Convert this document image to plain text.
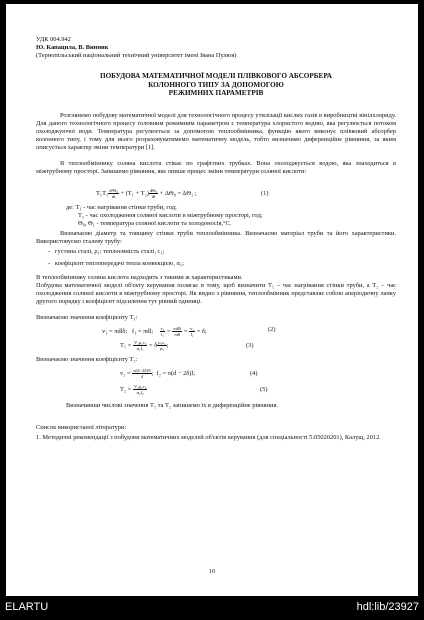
УДК 004.942

Ю. Капацила, В. Винник

(Тернопільський національний технічний університет імені Івана Пулюя)

ПОБУДОВА МАТЕМАТИЧНОЇ МОДЕЛІ ПЛІВКОВОГО АБСОРБЕРА

КОЛОННОГО ТИПУ ЗА ДОПОМОГОЮ

РЕЖИМНИХ ПАРАМЕТРІВ

Розглянемо побудову математичної моделі для технологічного процесу утилізації кислих газів в виробництві вінілхлориду. Для даного технологічного процесу головним режимним параметром є температура хлористого водню, яка регулюється потоком охолоджуючої води. Температура регулюється за допомогою теплообмінника, функцію якого виконує плівковий абсорбер колонного типу, і тому для нього розраховуватимемо математичну модель, тобто визначимо диференційне рівняння, за яким описується характер зміни температури [1].

В теплообміннику соляна кислота стікає по графітних трубках. Вона охолоджується водою, яка знаходиться в міжтрубному просторі. Запишемо рівняння, яке опише процес зміни температури соляної кислоти:

$T_1T_2 \frac{\text{d²Θ₀}}{dt} + (T_1 + T_2) \frac{\text{dΘ₀}}{dt} + \Delta\Theta_0 = \Delta\Theta_1$ ;	(1)

де: T₁ - час нагрівання стінки труби, год;

T₂ - час охолодження соляної кислоти в міжтрубному просторі, год;

Θ₀, Θ₁ - температура соляної кислоти та холодоносія,°С.

Визначаємо діаметр та товщину стінки труби теплообмінника. Визначаємо матеріал труби та його характеристики. Використовуємо сталеву трубу:

-   густина сталі, ρ₁; теплоємність сталі, с₁;
-   коефіцієнт теплопередачі тепла конвекцією, α₁;

В теплообміннику соляна кислота надходить з такими ж характеристиками.

Побудова математичної моделі об'єкту керування полягає в тому, щоб визначити T₁ – час нагрівання стінки труби, а T₂ – час охолодження соляної кислоти в міжтрубному просторі. Як видно з рівняння, теплообмінник представляє собою аперіодичну ланку другого порядку і коефіцієнт підсилення тут рівний одиниці.

Визначаємо значення коефіцієнту T₁:

v₁ = πdlδ;   f₁ = πdl; $\frac{\text{v₁}}{\text{f₁}} = \frac{\text{πdlδ}}{\text{πdl}} = \frac{\text{v₁}}{\text{f₁}} = \delta$;	(2)
$T_1 = \frac{\text{V₁ρ₁c₁}}{\text{α₁f₁}} = \delta \frac{\text{ρ₁c₁}}{\text{α₁}}$ ;	(3)

Визначаємо значення коефіцієнту T₂:

$v_2 = \frac{\text{π(d−2δ)²l}}{4}$ ;  f₂ = π(d − 2δ)l;	(4)
$T_2 = \frac{\text{V₂ρ₂c₂}}{\text{α₂f₂}}$	(5)

Визначивши числові значення T₁ та T₂ запишемо їх в диференційне рівняння.

Список використаної літератури:

1. Методичні рекомендації з побудови математичних моделей об'єктів керування (для спеціальності 5.05020201), Калущ, 2012.

10
ELARTU	hdl:lib/23927
